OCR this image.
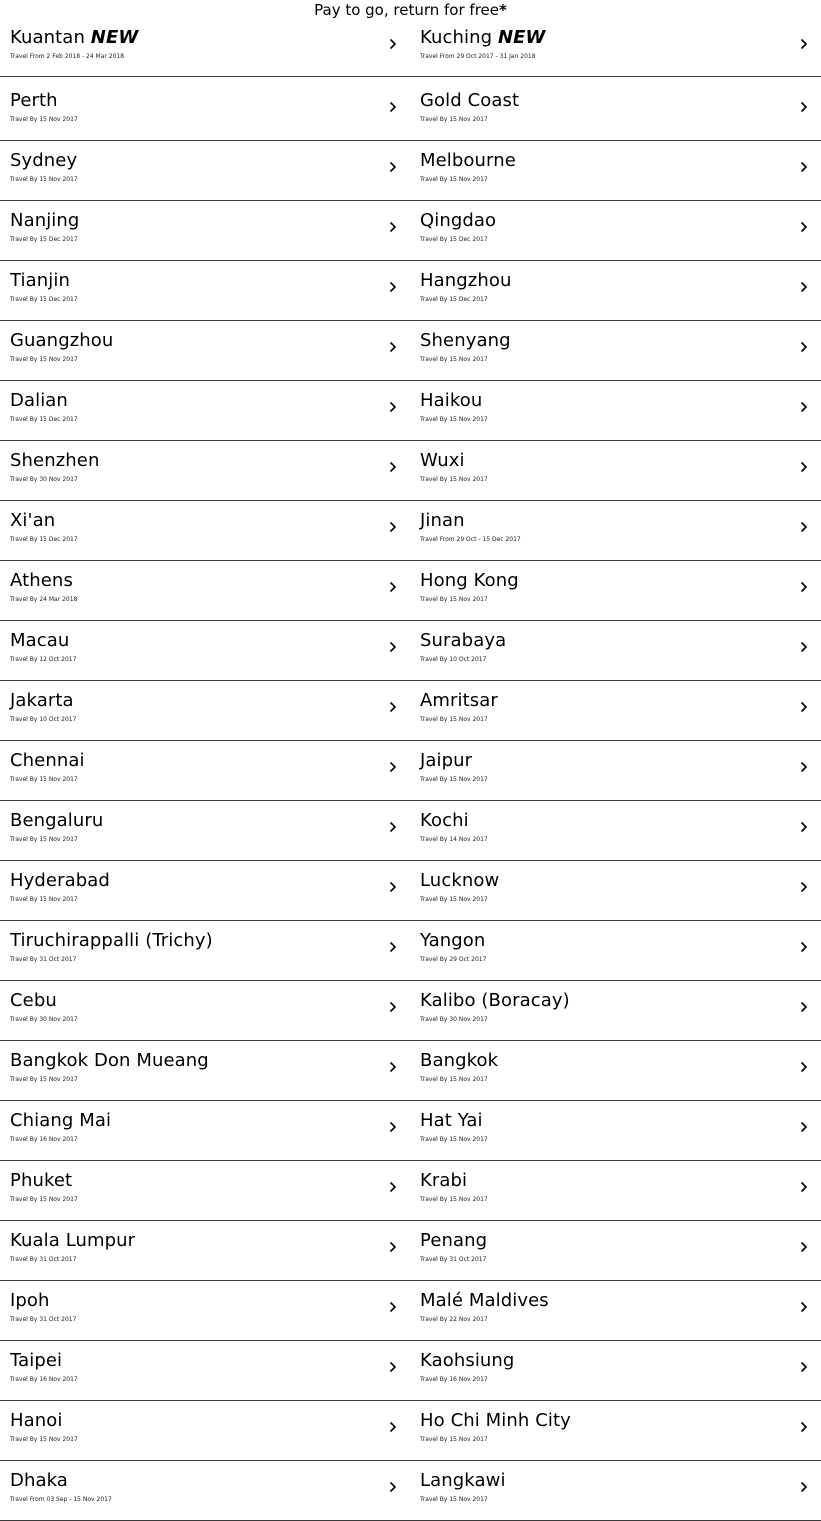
Pay to go, return for free*
Kuantan NEW
Travel From 2 Feb 2018 - 24 Mar 2018
Kuching NEW
Travel From 29 Oct 2017 - 31 Jan 2018
Perth
Travel By 15 Nov 2017
Gold Coast
Travel By 15 Nov 2017
Sydney
Travel By 15 Nov 2017
Melbourne
Travel By 15 Nov 2017
Nanjing
Travel By 15 Dec 2017
Qingdao
Travel By 15 Dec 2017
Tianjin
Travel By 15 Dec 2017
Hangzhou
Travel By 15 Dec 2017
Guangzhou
Travel By 15 Nov 2017
Shenyang
Travel By 15 Nov 2017
Dalian
Travel By 15 Dec 2017
Haikou
Travel By 15 Nov 2017
Shenzhen
Travel By 30 Nov 2017
Wuxi
Travel By 15 Nov 2017
Xi'an
Travel By 15 Dec 2017
Jinan
Travel From 29 Oct - 15 Dec 2017
Athens
Travel By 24 Mar 2018
Hong Kong
Travel By 15 Nov 2017
Macau
Travel By 12 Oct 2017
Surabaya
Travel By 10 Oct 2017
Jakarta
Travel By 10 Oct 2017
Amritsar
Travel By 15 Nov 2017
Chennai
Travel By 15 Nov 2017
Jaipur
Travel By 15 Nov 2017
Bengaluru
Travel By 15 Nov 2017
Kochi
Travel By 14 Nov 2017
Hyderabad
Travel By 15 Nov 2017
Lucknow
Travel By 15 Nov 2017
Tiruchirappalli (Trichy)
Travel By 31 Oct 2017
Yangon
Travel By 29 Oct 2017
Cebu
Travel By 30 Nov 2017
Kalibo (Boracay)
Travel By 30 Nov 2017
Bangkok Don Mueang
Travel By 15 Nov 2017
Bangkok
Travel By 15 Nov 2017
Chiang Mai
Travel By 16 Nov 2017
Hat Yai
Travel By 15 Nov 2017
Phuket
Travel By 15 Nov 2017
Krabi
Travel By 15 Nov 2017
Kuala Lumpur
Travel By 31 Oct 2017
Penang
Travel By 31 Oct 2017
Ipoh
Travel By 31 Oct 2017
Malé Maldives
Travel By 22 Nov 2017
Taipei
Travel By 16 Nov 2017
Kaohsiung
Travel By 16 Nov 2017
Hanoi
Travel By 15 Nov 2017
Ho Chi Minh City
Travel By 15 Nov 2017
Dhaka
Travel From 03 Sep - 15 Nov 2017
Langkawi
Travel By 15 Nov 2017
